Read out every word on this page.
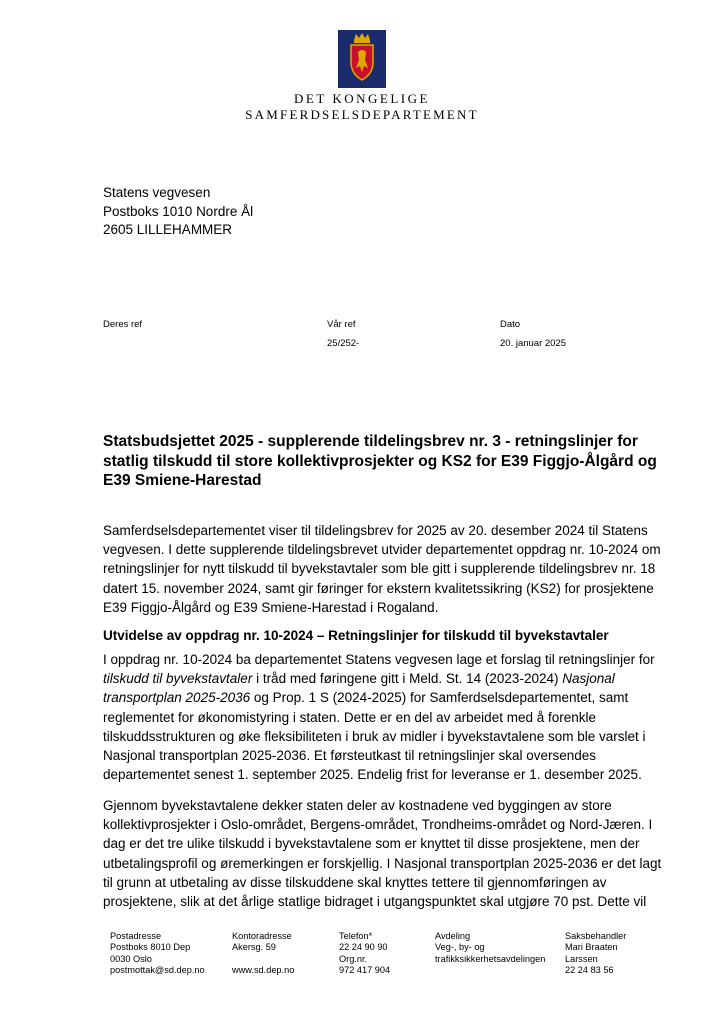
DET KONGELIGE
SAMFERDSELSDEPARTEMENT
Statens vegvesen
Postboks 1010 Nordre Ål
2605 LILLEHAMMER
Deres ref	Vår ref
25/252-
Dato
20. januar 2025
Statsbudsjettet 2025 - supplerende tildelingsbrev nr. 3 - retningslinjer for statlig tilskudd til store kollektivprosjekter og KS2 for E39 Figgjo-Ålgård og E39 Smiene-Harestad
Samferdselsdepartementet viser til tildelingsbrev for 2025 av 20. desember 2024 til Statens vegvesen. I dette supplerende tildelingsbrevet utvider departementet oppdrag nr. 10-2024 om retningslinjer for nytt tilskudd til byvekstavtaler som ble gitt i supplerende tildelingsbrev nr. 18 datert 15. november 2024, samt gir føringer for ekstern kvalitetssikring (KS2) for prosjektene E39 Figgjo-Ålgård og E39 Smiene-Harestad i Rogaland.
Utvidelse av oppdrag nr. 10-2024 – Retningslinjer for tilskudd til byvekstavtaler
I oppdrag nr. 10-2024 ba departementet Statens vegvesen lage et forslag til retningslinjer for tilskudd til byvekstavtaler i tråd med føringene gitt i Meld. St. 14 (2023-2024) Nasjonal transportplan 2025-2036 og Prop. 1 S (2024-2025) for Samferdselsdepartementet, samt reglementet for økonomistyring i staten. Dette er en del av arbeidet med å forenkle tilskuddsstrukturen og øke fleksibiliteten i bruk av midler i byvekstavtalene som ble varslet i Nasjonal transportplan 2025-2036. Et førsteutkast til retningslinjer skal oversendes departementet senest 1. september 2025. Endelig frist for leveranse er 1. desember 2025.
Gjennom byvekstavtalene dekker staten deler av kostnadene ved byggingen av store kollektivprosjekter i Oslo-området, Bergens-området, Trondheims-området og Nord-Jæren. I dag er det tre ulike tilskudd i byvekstavtalene som er knyttet til disse prosjektene, men der utbetalingsprofil og øremerkingen er forskjellig. I Nasjonal transportplan 2025-2036 er det lagt til grunn at utbetaling av disse tilskuddene skal knyttes tettere til gjennomføringen av prosjektene, slik at det årlige statlige bidraget i utgangspunktet skal utgjøre 70 pst. Dette vil
Postadresse
Postboks 8010 Dep
0030 Oslo
postmottak@sd.dep.no
Kontoradresse
Akersg. 59

www.sd.dep.no
Telefon*
22 24 90 90
Org.nr.
972 417 904
Avdeling
Veg-, by- og
trafikksikkerhetsavdelingen
Saksbehandler
Mari Braaten
Larssen
22 24 83 56
